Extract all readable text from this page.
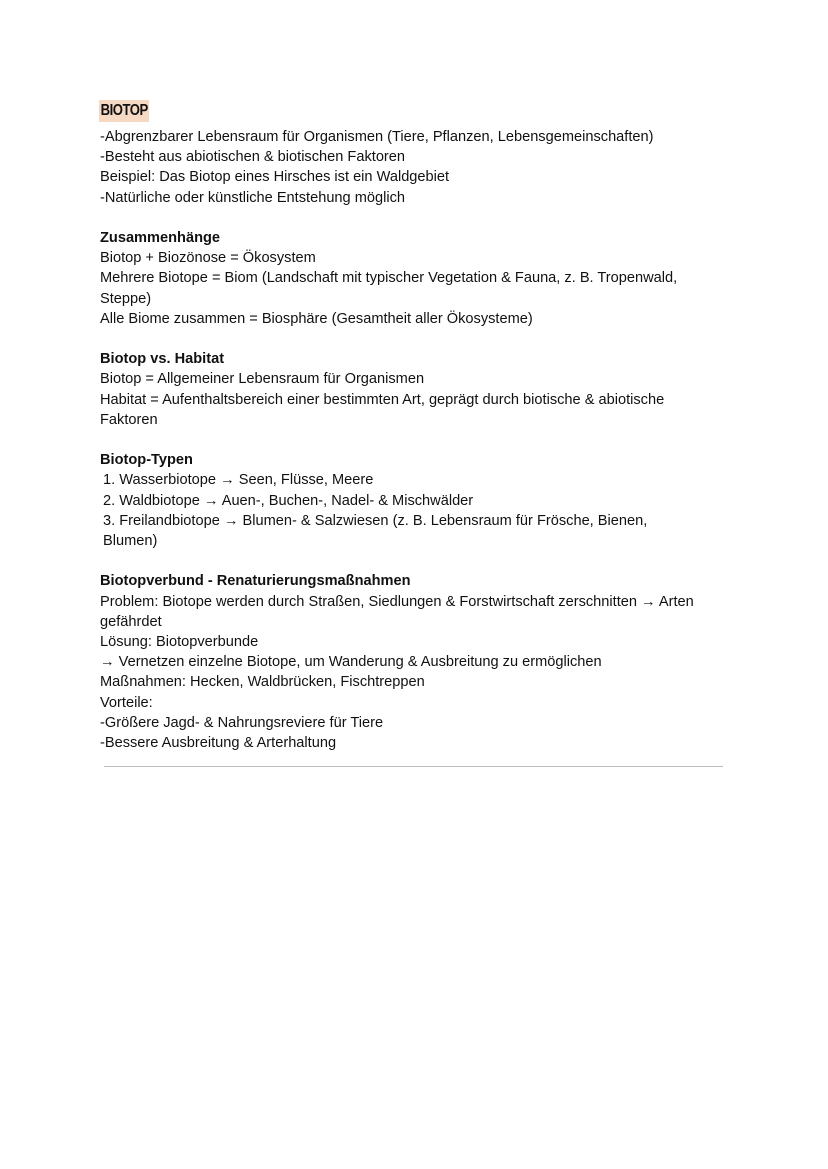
BIOTOP
-Abgrenzbarer Lebensraum für Organismen (Tiere, Pflanzen, Lebensgemeinschaften)
-Besteht aus abiotischen & biotischen Faktoren
Beispiel: Das Biotop eines Hirsches ist ein Waldgebiet
-Natürliche oder künstliche Entstehung möglich
Zusammenhänge
Biotop + Biozönose = Ökosystem
Mehrere Biotope = Biom (Landschaft mit typischer Vegetation & Fauna, z. B. Tropenwald, Steppe)
Alle Biome zusammen = Biosphäre (Gesamtheit aller Ökosysteme)
Biotop vs. Habitat
Biotop = Allgemeiner Lebensraum für Organismen
Habitat = Aufenthaltsbereich einer bestimmten Art, geprägt durch biotische & abiotische Faktoren
Biotop-Typen
1. Wasserbiotope → Seen, Flüsse, Meere
2. Waldbiotope → Auen-, Buchen-, Nadel- & Mischwälder
3. Freilandbiotope → Blumen- & Salzwiesen (z. B. Lebensraum für Frösche, Bienen, Blumen)
Biotopverbund - Renaturierungsmaßnahmen
Problem: Biotope werden durch Straßen, Siedlungen & Forstwirtschaft zerschnitten → Arten gefährdet
Lösung: Biotopverbunde
→ Vernetzen einzelne Biotope, um Wanderung & Ausbreitung zu ermöglichen
Maßnahmen: Hecken, Waldbrücken, Fischtreppen
Vorteile:
-Größere Jagd- & Nahrungsreviere für Tiere
-Bessere Ausbreitung & Arterhaltung
